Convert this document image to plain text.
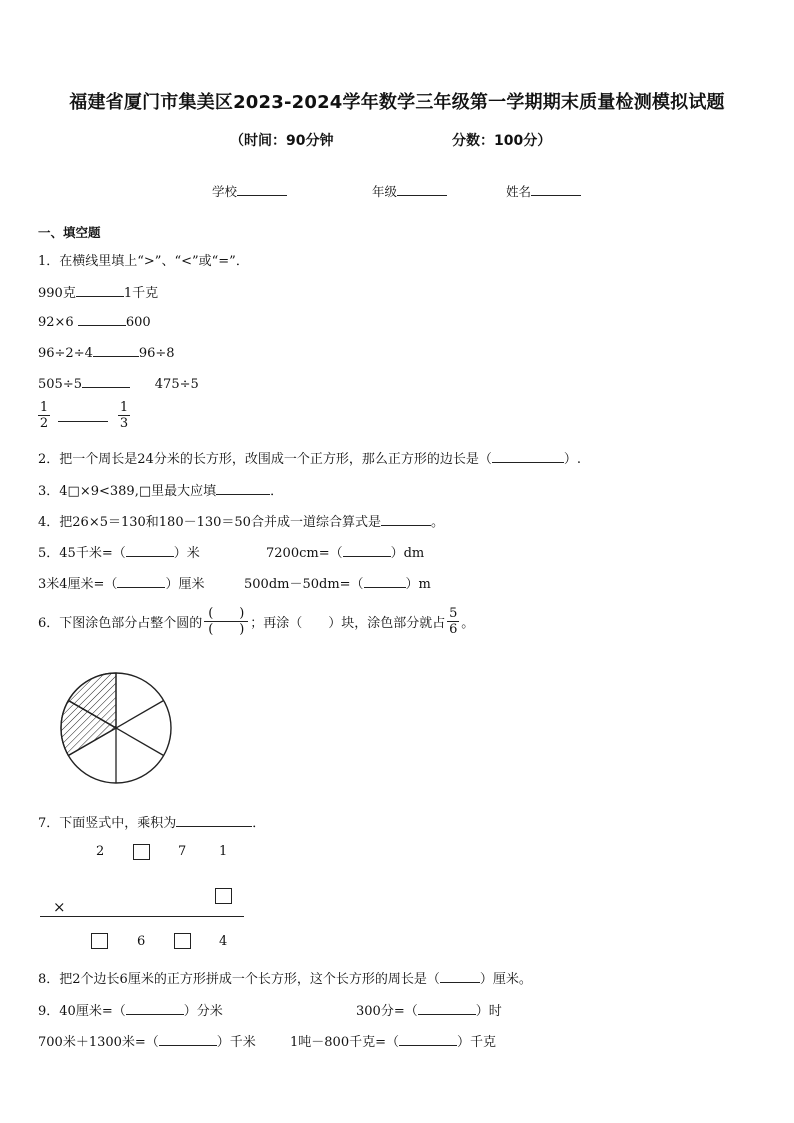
福建省厦门市集美区2023-2024学年数学三年级第一学期期末质量检测模拟试题
（时间：90分钟	分数：100分）
学校	年级	姓名
一、填空题
1．在横线里填上“>”、“<”或“=”．
990克	1千克
92×6	600
96÷2÷4	96÷8
505÷5	475÷5
$\frac{1}{2}$	$\frac{1}{3}$
2．把一个周长是24分米的长方形，改围成一个正方形，那么正方形的边长是（	）.
3．4□×9<389,□里最大应填	．
4．把26×5＝130和180－130＝50合并成一道综合算式是	。
5．45千米=（	）米	7200cm=（	）dm
3米4厘米=（	）厘米	500dm－50dm=（	）m
6．下图涂色部分占整个圆的 $\frac{( )}{( )}$ ；再涂（　　）块，涂色部分就占 $\frac{5}{6}$ 。
7．下面竖式中，乘积为	．
2	7	1
×
6	4
8．把2个边长6厘米的正方形拼成一个长方形，这个长方形的周长是（	）厘米。
9．40厘米=（	）分米	300分=（	）时
700米＋1300米=（	）千米	1吨－800千克=（	）千克
